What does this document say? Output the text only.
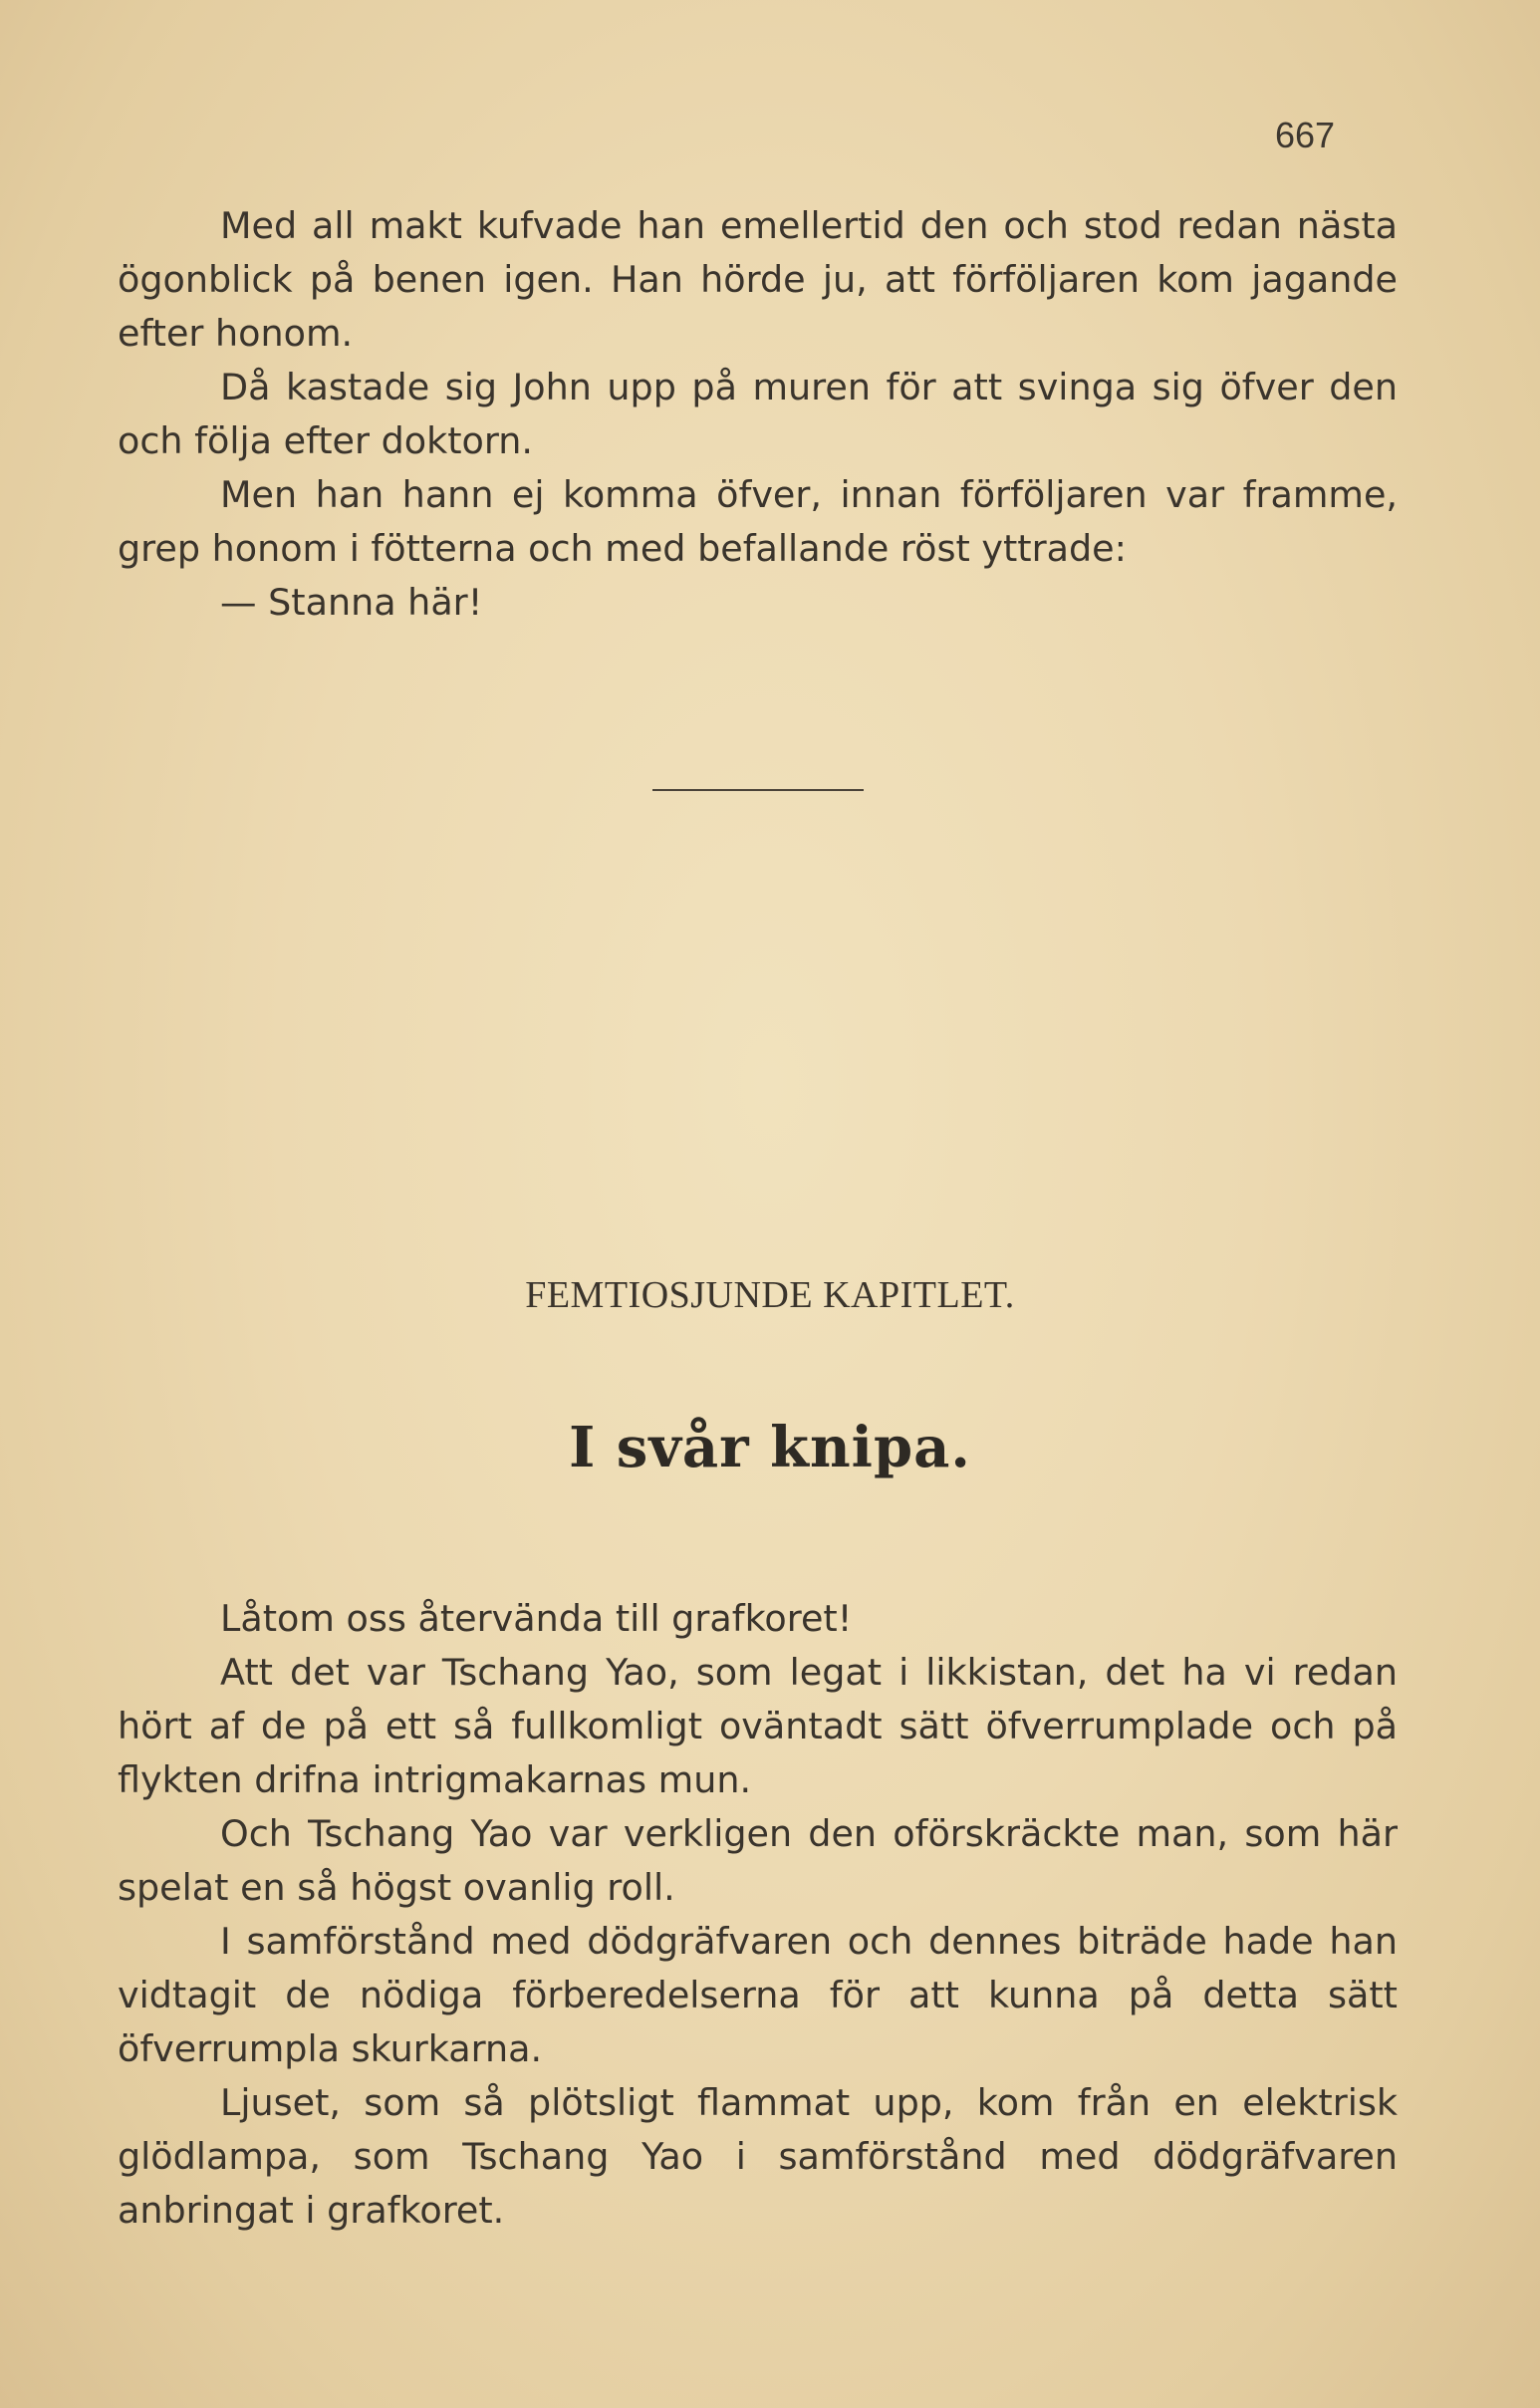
667

Med all makt kufvade han emellertid den och stod redan nästa ögonblick på benen igen. Han hörde ju, att förföljaren kom jagande efter honom.

Då kastade sig John upp på muren för att svinga sig öfver den och följa efter doktorn.

Men han hann ej komma öfver, innan förföljaren var framme, grep honom i fötterna och med befallande röst yttrade:

— Stanna här!

FEMTIOSJUNDE KAPITLET.
I svår knipa.

Låtom oss återvända till grafkoret!

Att det var Tschang Yao, som legat i likkistan, det ha vi redan hört af de på ett så fullkomligt oväntadt sätt öfverrumplade och på flykten drifna intrigmakarnas mun.

Och Tschang Yao var verkligen den oförskräckte man, som här spelat en så högst ovanlig roll.

I samförstånd med dödgräfvaren och dennes biträde hade han vidtagit de nödiga förberedelserna för att kunna på detta sätt öfverrumpla skurkarna.

Ljuset, som så plötsligt flammat upp, kom från en elektrisk glödlampa, som Tschang Yao i samförstånd med dödgräfvaren anbringat i grafkoret.
